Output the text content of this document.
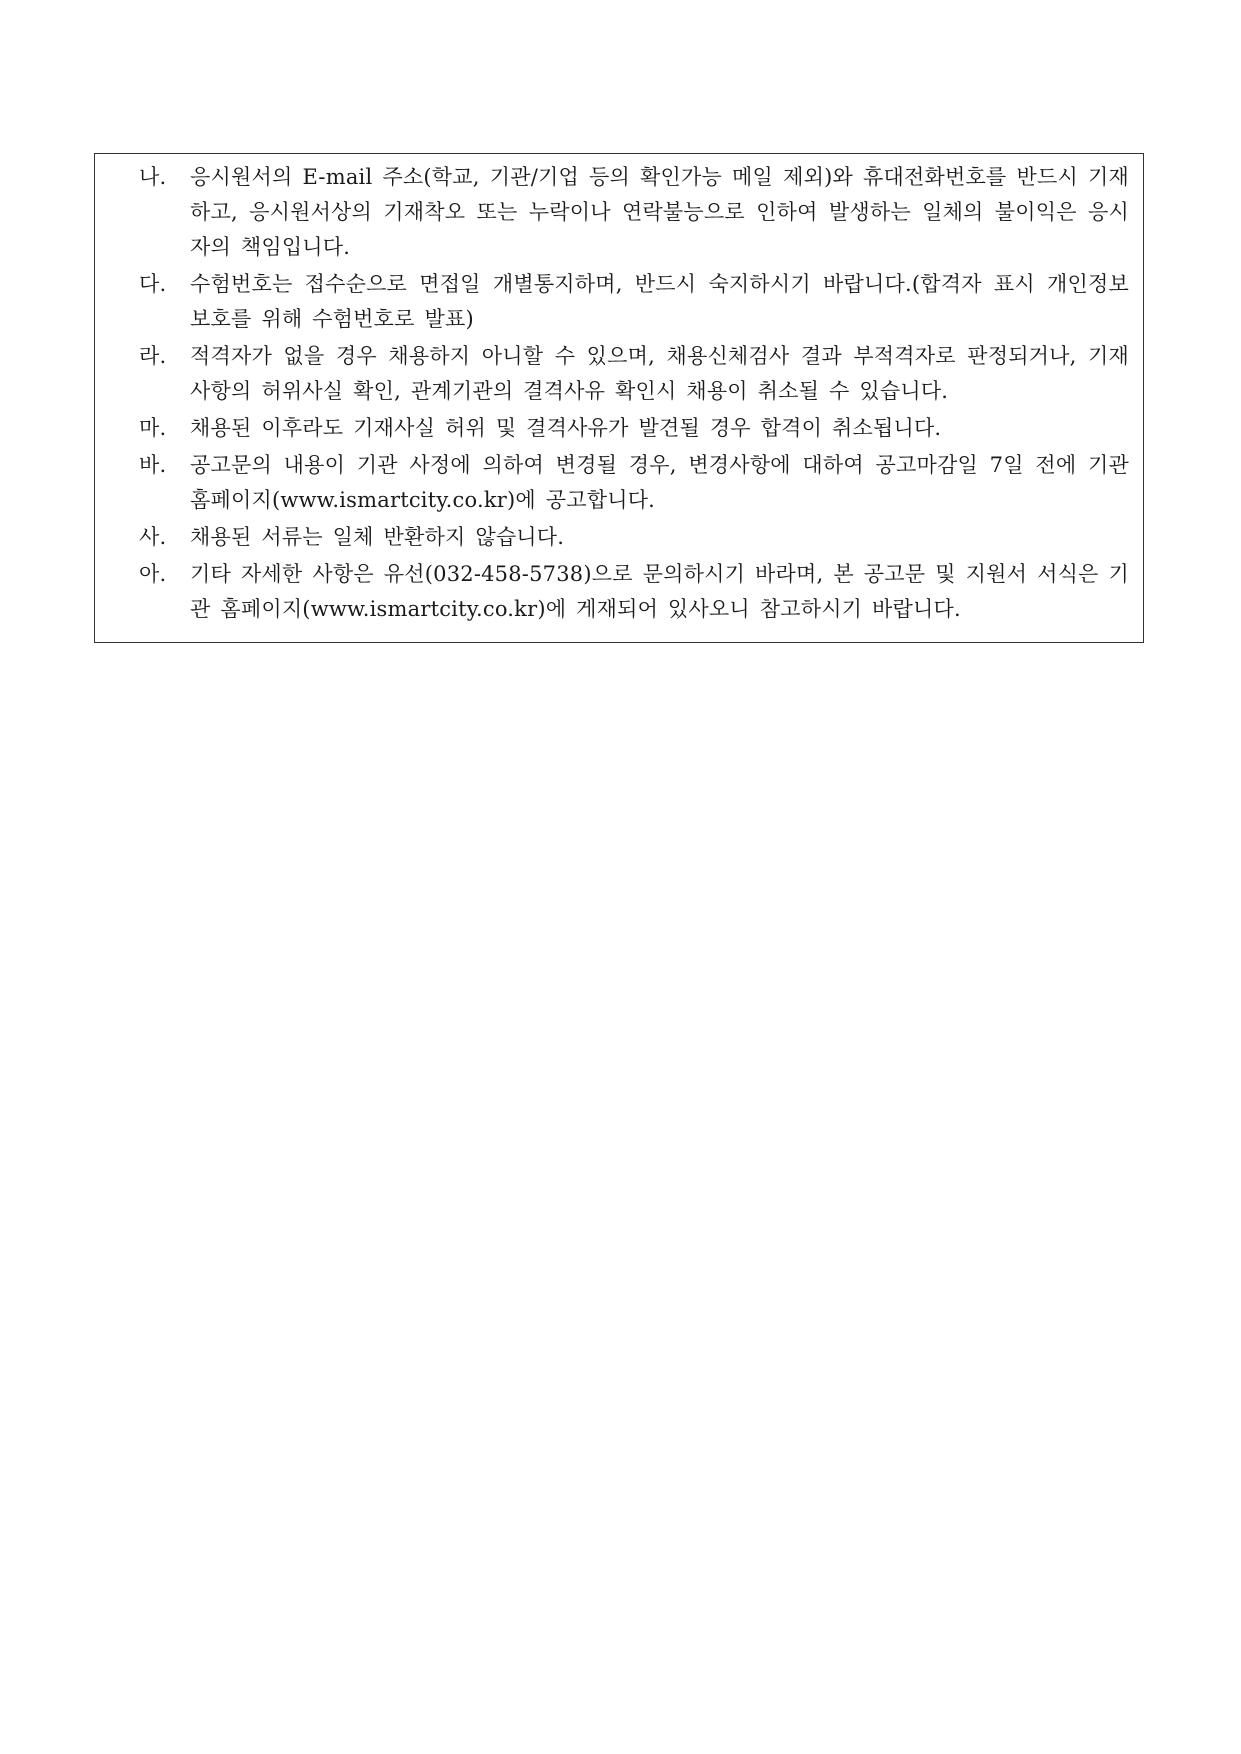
나.	응시원서의 E-mail 주소(학교, 기관/기업 등의 확인가능 메일 제외)와 휴대전화번호를 반드시 기재하고, 응시원서상의 기재착오 또는 누락이나 연락불능으로 인하여 발생하는 일체의 불이익은 응시자의 책임입니다.
다.	수험번호는 접수순으로 면접일 개별통지하며, 반드시 숙지하시기 바랍니다.(합격자 표시 개인정보보호를 위해 수험번호로 발표)
라.	적격자가 없을 경우 채용하지 아니할 수 있으며, 채용신체검사 결과 부적격자로 판정되거나, 기재사항의 허위사실 확인, 관계기관의 결격사유 확인시 채용이 취소될 수 있습니다.
마.	채용된 이후라도 기재사실 허위 및 결격사유가 발견될 경우 합격이 취소됩니다.
바.	공고문의 내용이 기관 사정에 의하여 변경될 경우, 변경사항에 대하여 공고마감일 7일 전에 기관 홈페이지(www.ismartcity.co.kr)에 공고합니다.
사.	채용된 서류는 일체 반환하지 않습니다.
아.	기타 자세한 사항은 유선(032-458-5738)으로 문의하시기 바라며, 본 공고문 및 지원서 서식은 기관 홈페이지(www.ismartcity.co.kr)에 게재되어 있사오니 참고하시기 바랍니다.
